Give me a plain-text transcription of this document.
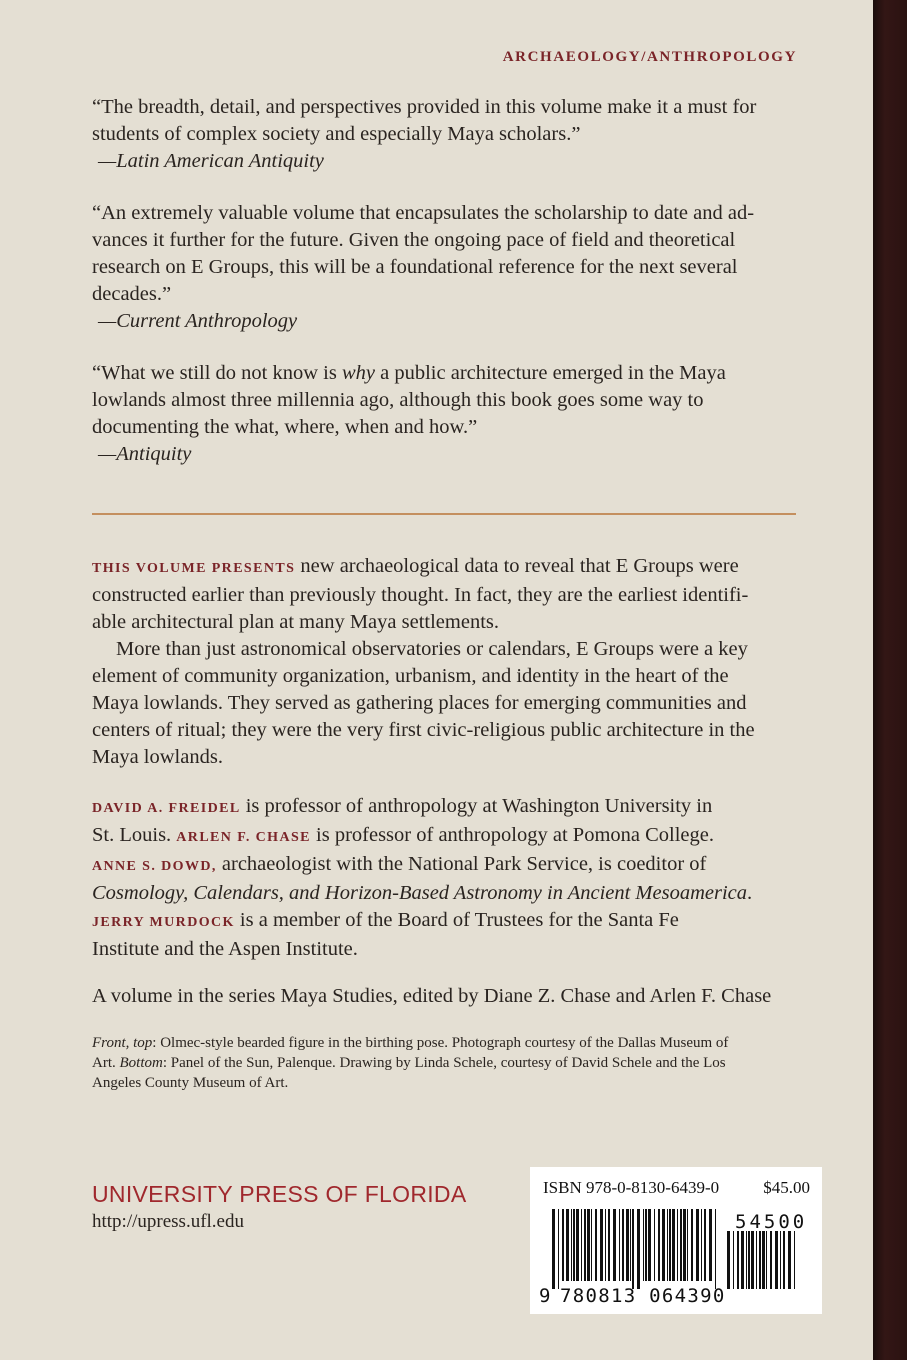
ARCHAEOLOGY/ANTHROPOLOGY

“The breadth, detail, and perspectives provided in this volume make it a must for
students of complex society and especially Maya scholars.”

—Latin American Antiquity

“An extremely valuable volume that encapsulates the scholarship to date and ad-
vances it further for the future. Given the ongoing pace of field and theoretical
research on E Groups, this will be a foundational reference for the next several
decades.”

—Current Anthropology

“What we still do not know is why a public architecture emerged in the Maya
lowlands almost three millennia ago, although this book goes some way to
documenting the what, where, when and how.”

—Antiquity

THIS VOLUME PRESENTS new archaeological data to reveal that E Groups were
constructed earlier than previously thought. In fact, they are the earliest identifi-
able architectural plan at many Maya settlements.

More than just astronomical observatories or calendars, E Groups were a key
element of community organization, urbanism, and identity in the heart of the
Maya lowlands. They served as gathering places for emerging communities and
centers of ritual; they were the very first civic-religious public architecture in the
Maya lowlands.

DAVID A. FREIDEL is professor of anthropology at Washington University in
St. Louis. ARLEN F. CHASE is professor of anthropology at Pomona College.
ANNE S. DOWD, archaeologist with the National Park Service, is coeditor of
Cosmology, Calendars, and Horizon-Based Astronomy in Ancient Mesoamerica.
JERRY MURDOCK is a member of the Board of Trustees for the Santa Fe
Institute and the Aspen Institute.
A volume in the series Maya Studies, edited by Diane Z. Chase and Arlen F. Chase
Front, top: Olmec-style bearded figure in the birthing pose. Photograph courtesy of the Dallas Museum of
Art. Bottom: Panel of the Sun, Palenque. Drawing by Linda Schele, courtesy of David Schele and the Los
Angeles County Museum of Art.
UNIVERSITY PRESS OF FLORIDA
http://upress.ufl.edu
ISBN 978-0-8130-6439-0	$45.00
9 780813 064390
54500
